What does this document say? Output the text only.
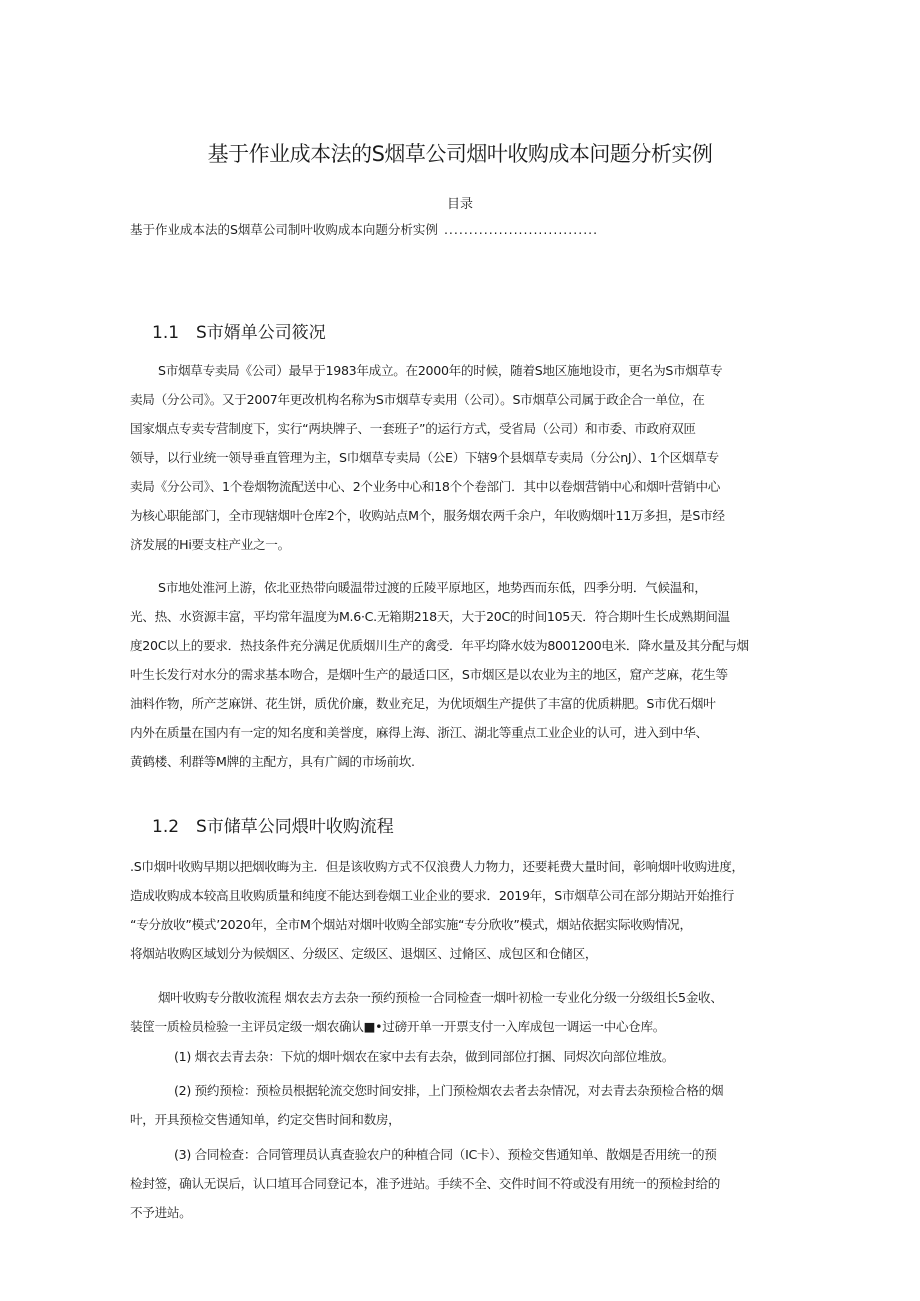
基于作业成本法的S烟草公司烟叶收购成本问题分析实例
目录
基于作业成本法的S烟草公司制叶收购成本向题分析实例 ...............................
1.1 S市婿单公司筱况
S市烟草专卖局《公司）最早于1983年成立。在2000年的时候，随着S地区施地设市，更名为S市烟草专
卖局（分公司》。又于2007年更改机构名称为S市烟草专卖用（公司）。S市烟草公司属于政企合一单位，在
国家烟点专卖专营制度下，实行“两块牌子、一套班子”的运行方式，受省局（公司）和市委、市政府双匝
领导，以行业统一领导垂直管理为主，S巾烟草专卖局（公E）下辖9个县烟草专卖局（分公nJ）、1个区烟草专
卖局《分公司》、1个卷烟物流配送中心、2个业务中心和18个个卷部门．其中以卷烟营销中心和烟叶营销中心
为核心职能部门，全市现辖烟叶仓库2个，收购站点M个，服务烟农两千余户，年收购烟叶11万多担，是S市经
济发展的Hi要支柱产业之一。
S市地处淮河上游，依北亚热带向暖温带过渡的丘陵平原地区，地势西而东低，四季分明．气候温和，
光、热、水资源丰富，平均常年温度为M.6·C.无箱期218天，大于20C的时间105天．符合期叶生长成熟期间温
度20C以上的要求．热技条件充分满足优质烟川生产的禽受．年平均降水妓为8001200电米．降水量及其分配与烟
叶生长发行对水分的需求基本吻合，是烟叶生产的最适口区，S市烟区是以农业为主的地区，窟产芝麻，花生等
油料作物，所产芝麻饼、花生饼，质优价廉，数业充足，为优顷烟生产提供了丰富的优质耕肥。S市优石烟叶
内外在质量在国内有一定的知名度和美誉度，麻得上海、浙江、湖北等重点工业企业的认可，进入到中华、
黄鹤楼、利群等M牌的主配方，具有广阔的市场前坎.
1.2 S市储草公同煨叶收购流程
.S巾烟叶收购早期以把烟收晦为主．但是该收购方式不仅浪费人力物力，还要耗费大量时间，彰响烟叶收购进度，
造成收购成本较高且收购质量和纯度不能达到卷烟工业企业的要求．2019年，S市烟草公司在部分期站开始推行
“专分放收”模式’2020年，全市M个烟站对烟叶收购全部实施“专分欣收”模式，烟站依据实际收购情况，
将烟站收购区域划分为候烟区、分级区、定级区、退烟区、过脩区、成包区和仓储区，
烟叶收购专分散收流程 烟农去方去杂一预约预检一合同检查一烟叶初检一专业化分级一分级组长5金收、
装筐一质检员检验一主评员定级一烟农确认■•过磅开单一开票支付一入库成包一调运一中心仓库。
(1) 烟衣去青去杂：下炕的烟叶烟农在家中去有去杂，做到同部位打捆、同烬次向部位堆放。
(2) 预约预检：预检员根据轮流交您时间安排，上门预检烟农去者去杂情况，对去青去杂预检合格的烟
叶，开具预检交售通知单，约定交售时间和数房，
(3) 合同检查：合同管理员认真查验农户的种植合同（IC卡）、预检交售通知单、散烟是否用统一的预
检封签，确认无误后，认口埴耳合同登记本，准予进站。手续不全、交件时间不符或没有用统一的预检封给的
不予进站。
